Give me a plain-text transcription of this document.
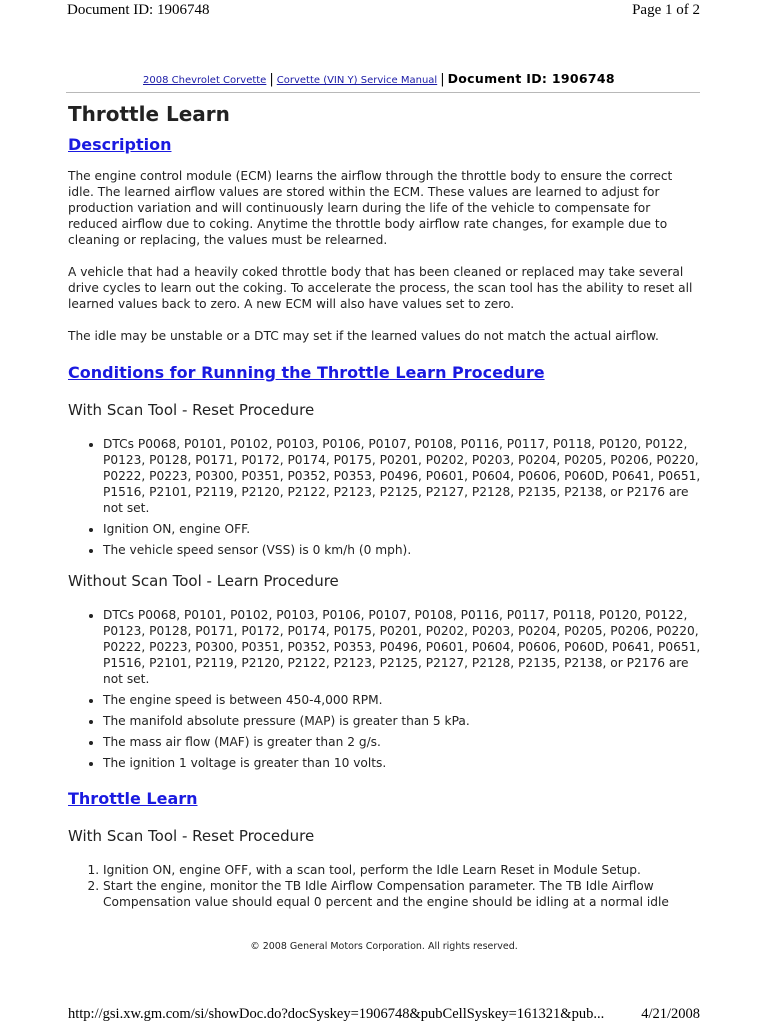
Document ID: 1906748	Page 1 of 2
2008 Chevrolet Corvette | Corvette (VIN Y) Service Manual | Document ID: 1906748
Throttle Learn
Description

The engine control module (ECM) learns the airflow through the throttle body to ensure the correct idle. The learned airflow values are stored within the ECM. These values are learned to adjust for production variation and will continuously learn during the life of the vehicle to compensate for reduced airflow due to coking. Anytime the throttle body airflow rate changes, for example due to cleaning or replacing, the values must be relearned.

A vehicle that had a heavily coked throttle body that has been cleaned or replaced may take several drive cycles to learn out the coking. To accelerate the process, the scan tool has the ability to reset all learned values back to zero. A new ECM will also have values set to zero.

The idle may be unstable or a DTC may set if the learned values do not match the actual airflow.

Conditions for Running the Throttle Learn Procedure
With Scan Tool - Reset Procedure
• DTCs P0068, P0101, P0102, P0103, P0106, P0107, P0108, P0116, P0117, P0118, P0120, P0122, P0123, P0128, P0171, P0172, P0174, P0175, P0201, P0202, P0203, P0204, P0205, P0206, P0220, P0222, P0223, P0300, P0351, P0352, P0353, P0496, P0601, P0604, P0606, P060D, P0641, P0651, P1516, P2101, P2119, P2120, P2122, P2123, P2125, P2127, P2128, P2135, P2138, or P2176 are not set.
• Ignition ON, engine OFF.
• The vehicle speed sensor (VSS) is 0 km/h (0 mph).
Without Scan Tool - Learn Procedure
• DTCs P0068, P0101, P0102, P0103, P0106, P0107, P0108, P0116, P0117, P0118, P0120, P0122, P0123, P0128, P0171, P0172, P0174, P0175, P0201, P0202, P0203, P0204, P0205, P0206, P0220, P0222, P0223, P0300, P0351, P0352, P0353, P0496, P0601, P0604, P0606, P060D, P0641, P0651, P1516, P2101, P2119, P2120, P2122, P2123, P2125, P2127, P2128, P2135, P2138, or P2176 are not set.
• The engine speed is between 450-4,000 RPM.
• The manifold absolute pressure (MAP) is greater than 5 kPa.
• The mass air flow (MAF) is greater than 2 g/s.
• The ignition 1 voltage is greater than 10 volts.
Throttle Learn
With Scan Tool - Reset Procedure
1. Ignition ON, engine OFF, with a scan tool, perform the Idle Learn Reset in Module Setup.
2. Start the engine, monitor the TB Idle Airflow Compensation parameter. The TB Idle Airflow Compensation value should equal 0 percent and the engine should be idling at a normal idle
© 2008 General Motors Corporation. All rights reserved.
http://gsi.xw.gm.com/si/showDoc.do?docSyskey=1906748&pubCellSyskey=161321&pub...	4/21/2008
